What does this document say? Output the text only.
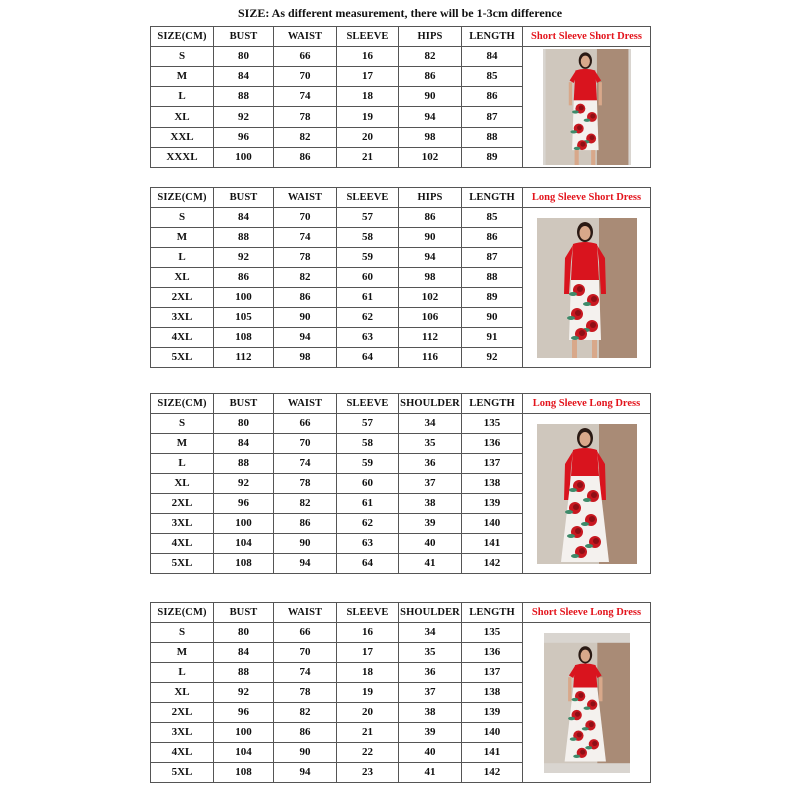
SIZE: As different measurement, there will be 1-3cm difference
SIZE(CM)	BUST	WAIST	SLEEVE	HIPS	LENGTH	Short Sleeve Short Dress
S	80	66	16	82	84	

M	84	70	17	86	85	
L	88	74	18	90	86	
XL	92	78	19	94	87	
XXL	96	82	20	98	88	
XXXL	100	86	21	102	89	
SIZE(CM)	BUST	WAIST	SLEEVE	HIPS	LENGTH	Long Sleeve Short Dress
S	84	70	57	86	85	

M	88	74	58	90	86	
L	92	78	59	94	87	
XL	86	82	60	98	88	
2XL	100	86	61	102	89	
3XL	105	90	62	106	90	
4XL	108	94	63	112	91	
5XL	112	98	64	116	92	
SIZE(CM)	BUST	WAIST	SLEEVE	SHOULDER	LENGTH	Long Sleeve Long Dress
S	80	66	57	34	135	

M	84	70	58	35	136	
L	88	74	59	36	137	
XL	92	78	60	37	138	
2XL	96	82	61	38	139	
3XL	100	86	62	39	140	
4XL	104	90	63	40	141	
5XL	108	94	64	41	142	
SIZE(CM)	BUST	WAIST	SLEEVE	SHOULDER	LENGTH	Short Sleeve Long Dress
S	80	66	16	34	135	

M	84	70	17	35	136	
L	88	74	18	36	137	
XL	92	78	19	37	138	
2XL	96	82	20	38	139	
3XL	100	86	21	39	140	
4XL	104	90	22	40	141	
5XL	108	94	23	41	142	
